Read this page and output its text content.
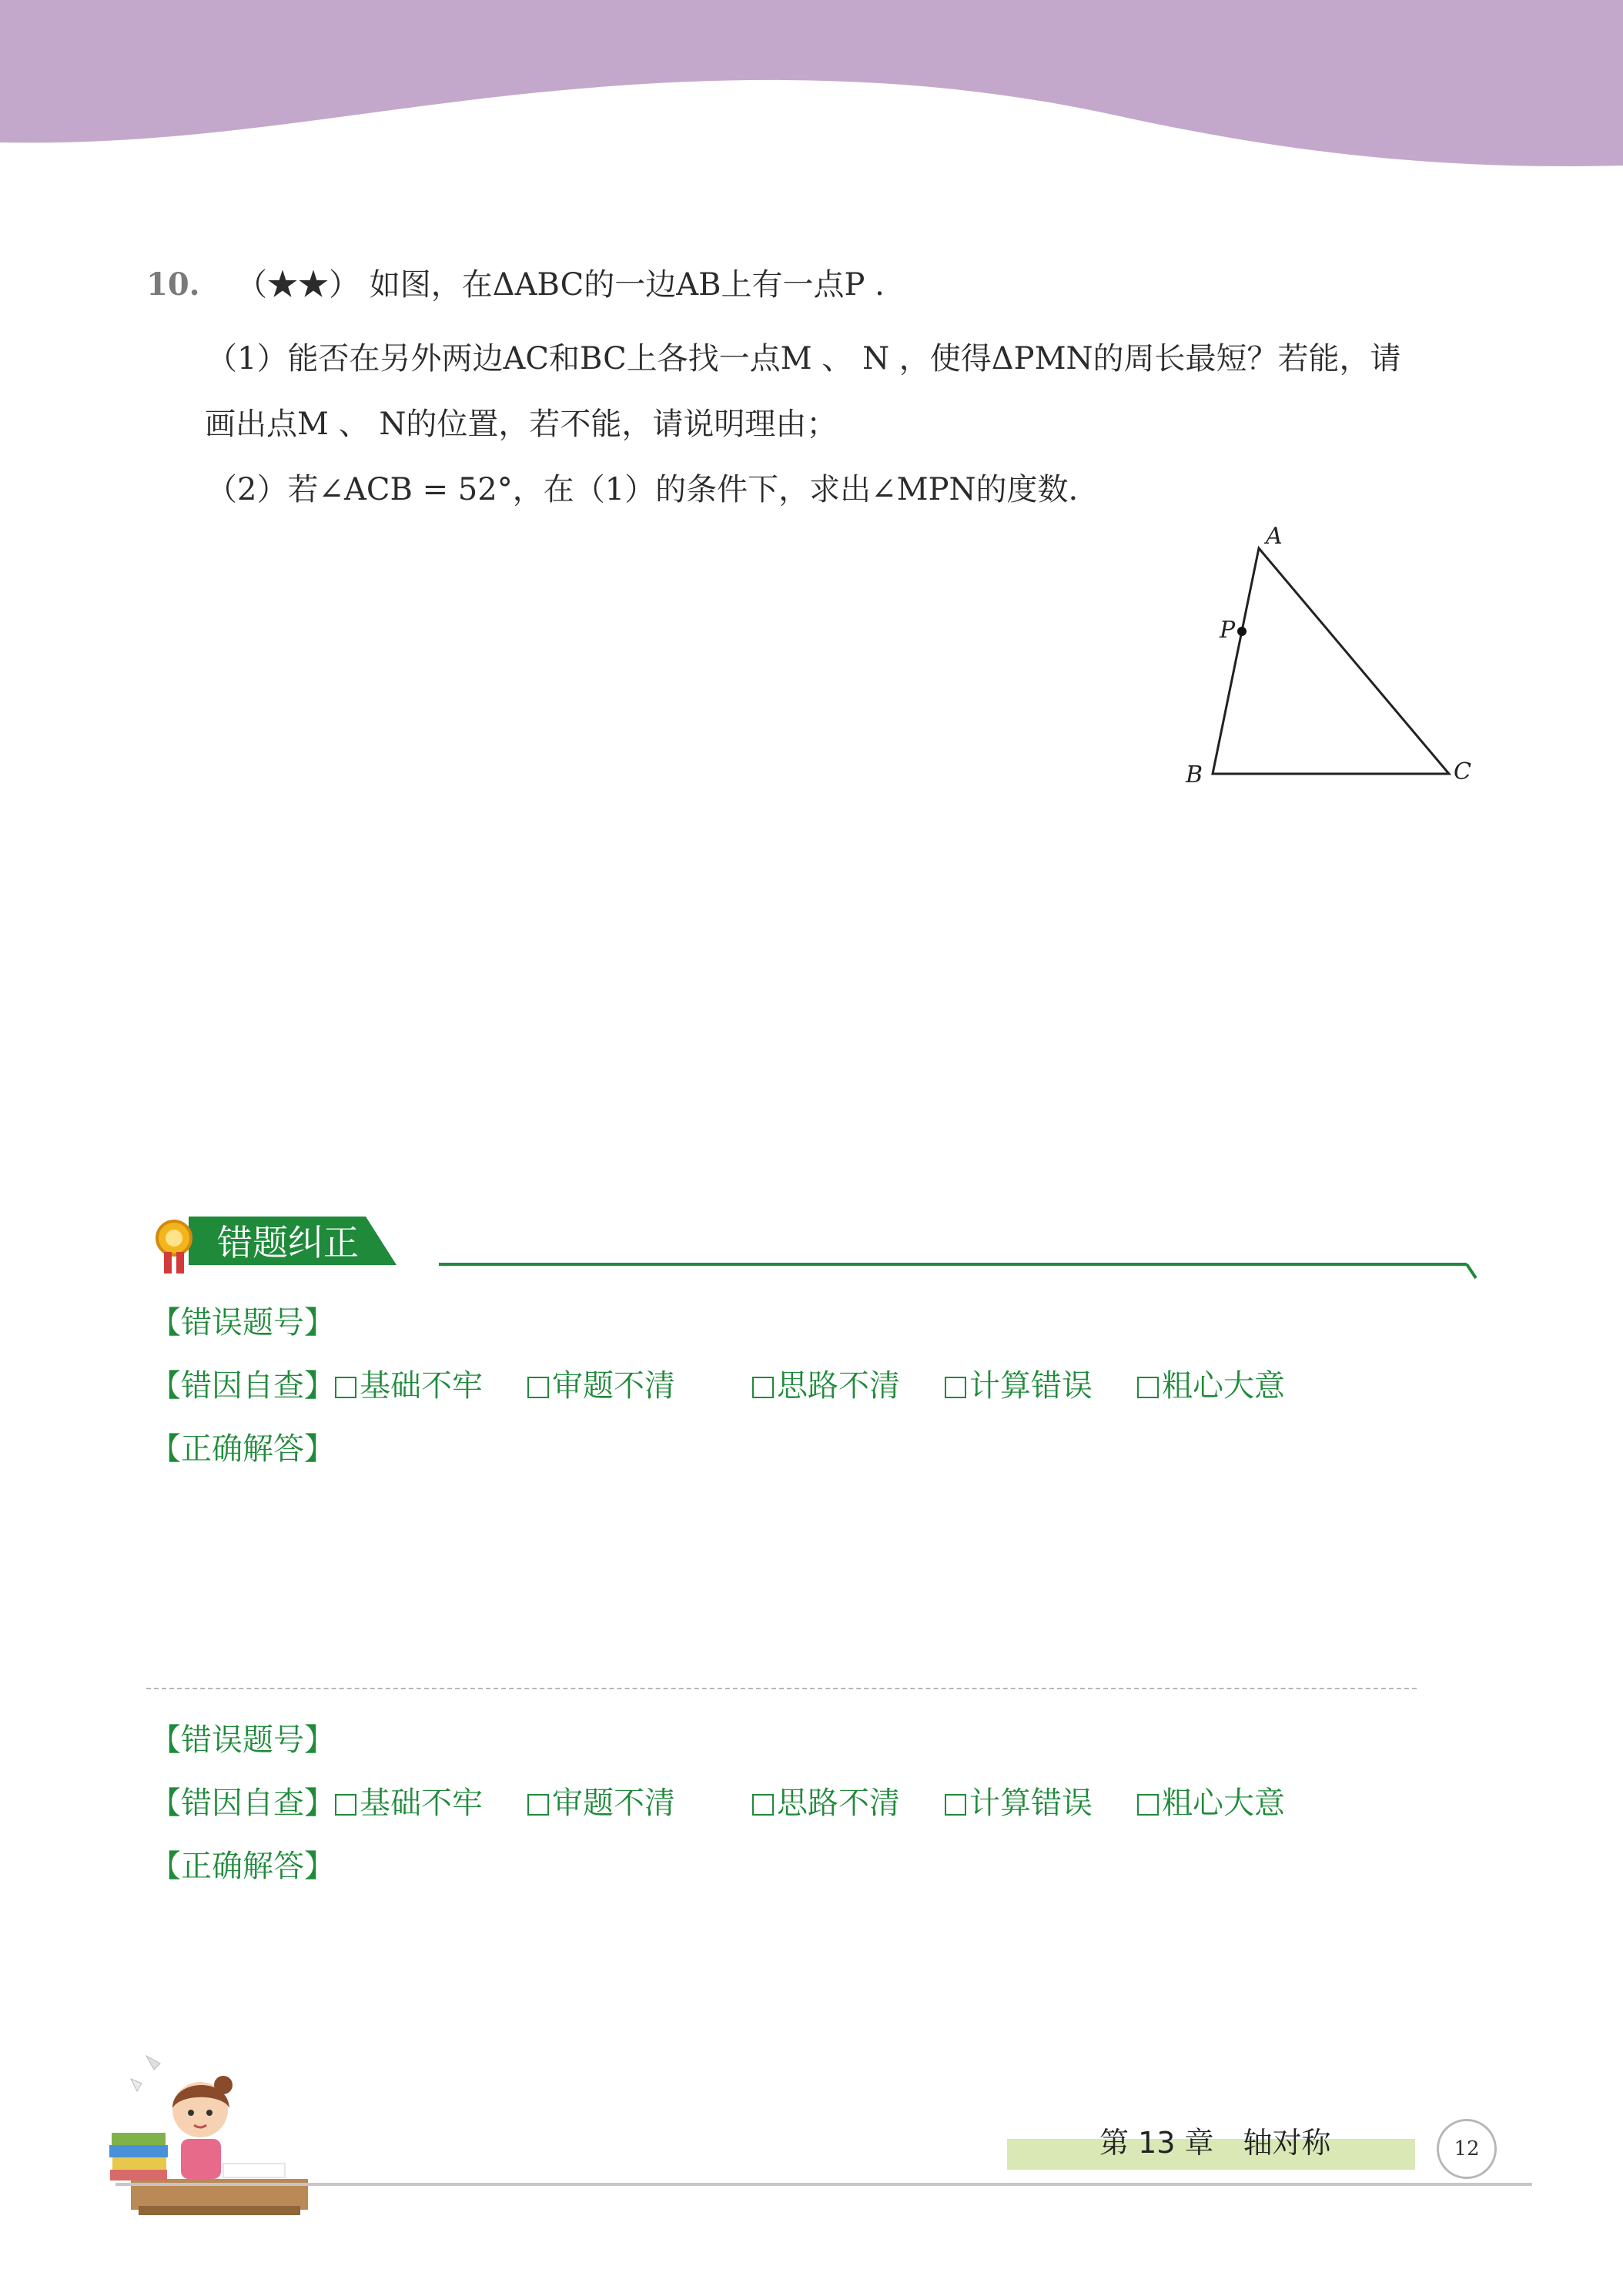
10. （★★） 如图，在ΔABC的一边AB上有一点P .
（1）能否在另外两边AC和BC上各找一点M 、 N ，使得ΔPMN的周长最短？若能，请
画出点M 、 N的位置，若不能，请说明理由；
（2）若∠ACB = 52°，在（1）的条件下，求出∠MPN的度数.
A
P
B	C
错题纠正
【错误题号】
【错因自查】 基础不牢 审题不清	思路不清 计算错误 粗心大意
【正确解答】
【错误题号】
【错因自查】 基础不牢 审题不清	思路不清 计算错误 粗心大意
【正确解答】
第 13 章　轴对称	12
